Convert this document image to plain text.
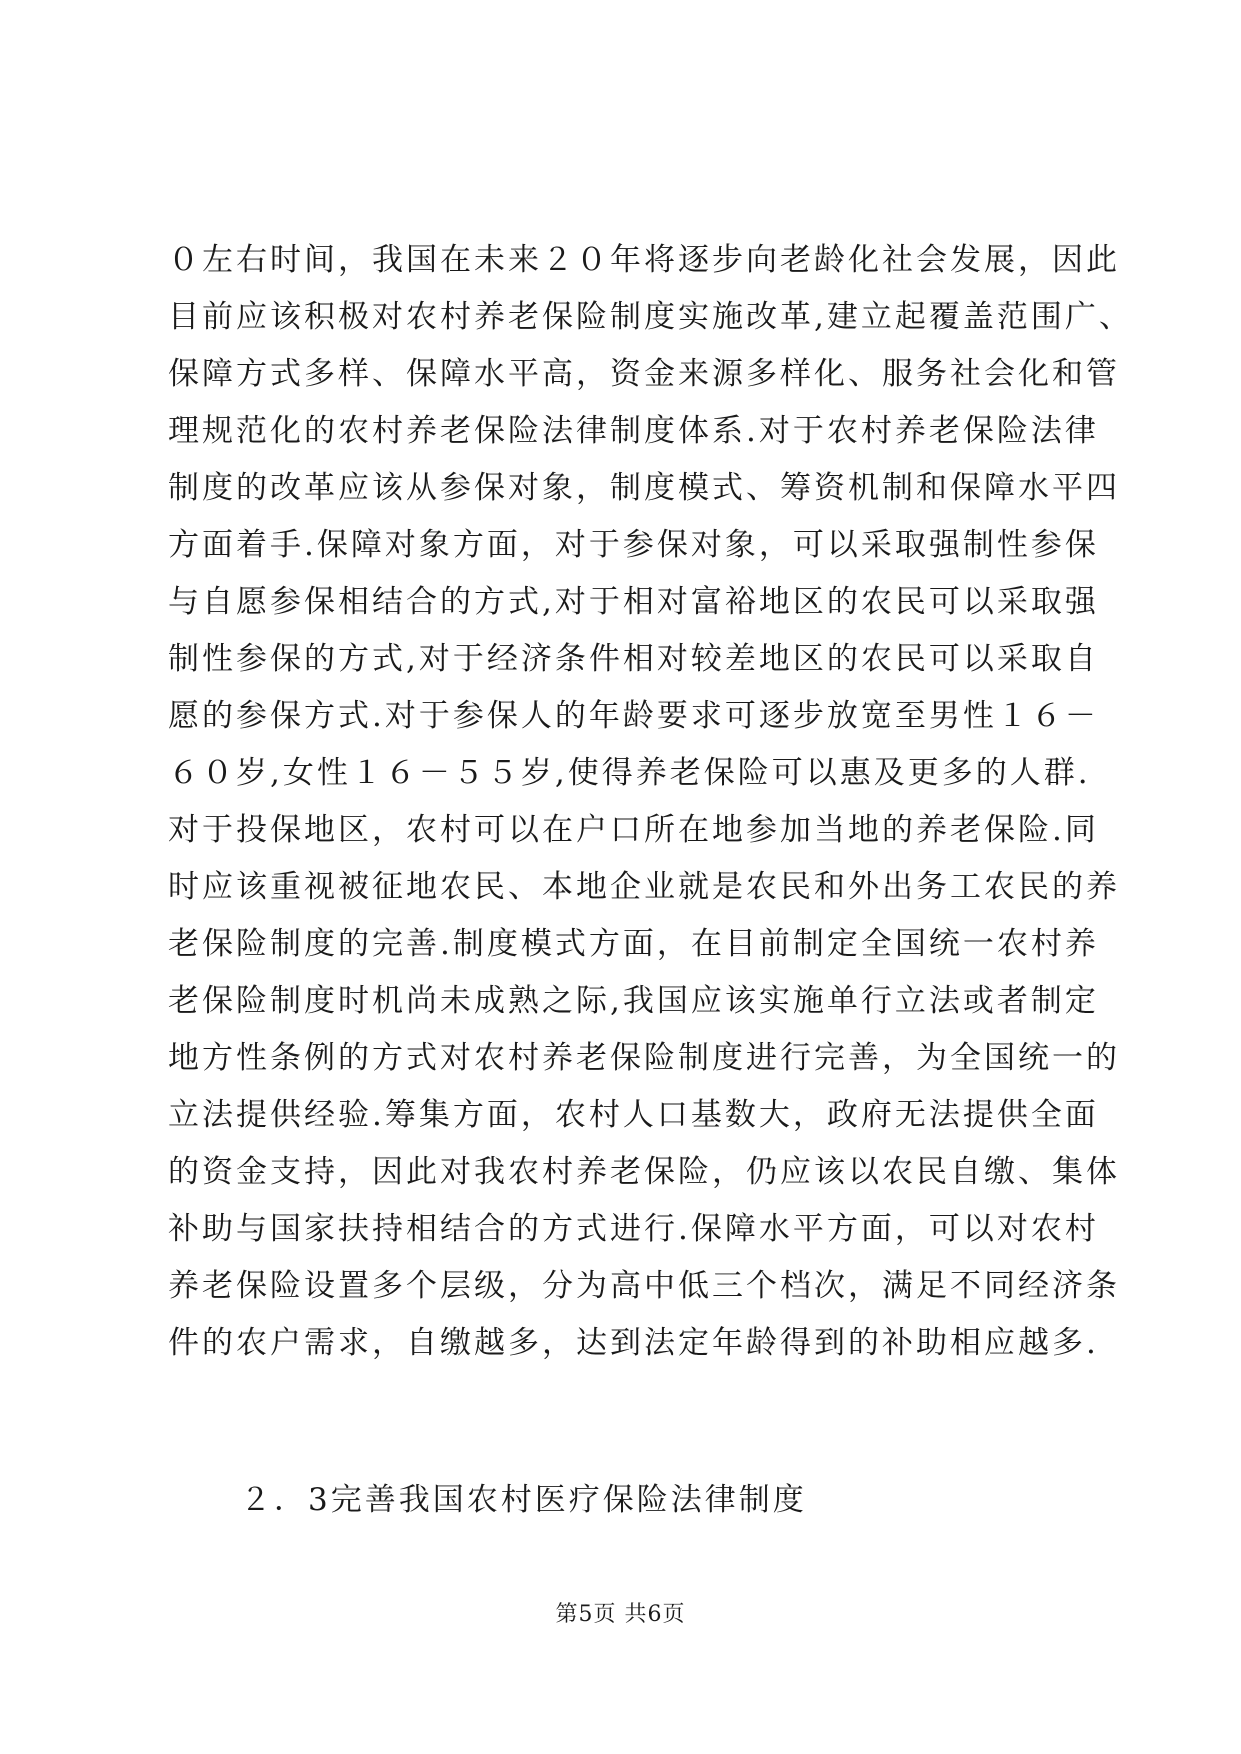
０左右时间，我国在未来２０年将逐步向老龄化社会发展，因此
目前应该积极对农村养老保险制度实施改革,建立起覆盖范围广、
保障方式多样、保障水平高，资金来源多样化、服务社会化和管
理规范化的农村养老保险法律制度体系.对于农村养老保险法律
制度的改革应该从参保对象，制度模式、筹资机制和保障水平四
方面着手.保障对象方面，对于参保对象，可以采取强制性参保
与自愿参保相结合的方式,对于相对富裕地区的农民可以采取强
制性参保的方式,对于经济条件相对较差地区的农民可以采取自
愿的参保方式.对于参保人的年龄要求可逐步放宽至男性１６－
６０岁,女性１６－５５岁,使得养老保险可以惠及更多的人群.
对于投保地区，农村可以在户口所在地参加当地的养老保险.同
时应该重视被征地农民、本地企业就是农民和外出务工农民的养
老保险制度的完善.制度模式方面，在目前制定全国统一农村养
老保险制度时机尚未成熟之际,我国应该实施单行立法或者制定
地方性条例的方式对农村养老保险制度进行完善，为全国统一的
立法提供经验.筹集方面，农村人口基数大，政府无法提供全面
的资金支持，因此对我农村养老保险，仍应该以农民自缴、集体
补助与国家扶持相结合的方式进行.保障水平方面，可以对农村
养老保险设置多个层级，分为高中低三个档次，满足不同经济条
件的农户需求，自缴越多，达到法定年龄得到的补助相应越多.
２．3完善我国农村医疗保险法律制度
第5页 共6页
